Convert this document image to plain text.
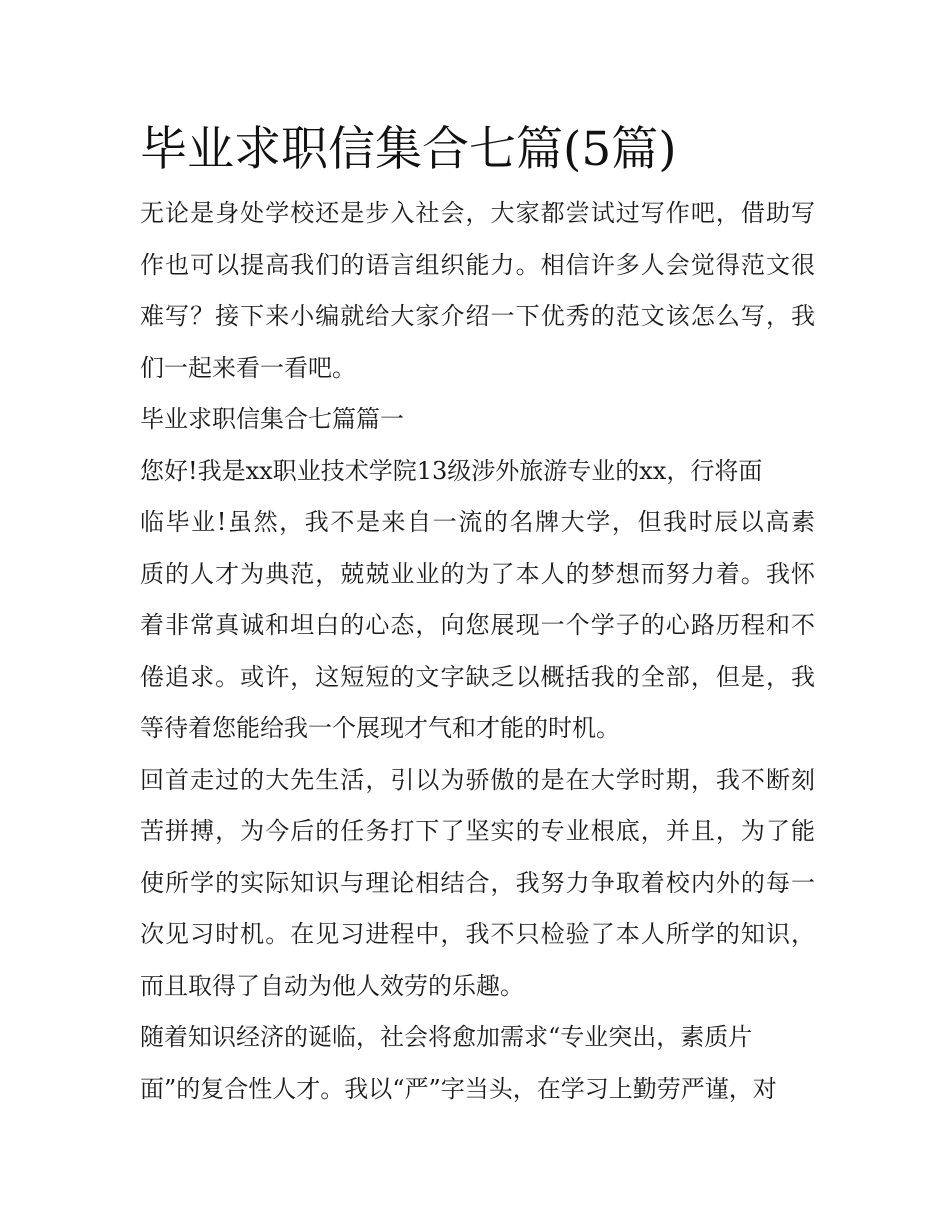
毕业求职信集合七篇(5篇)
无论是身处学校还是步入社会，大家都尝试过写作吧，借助写
作也可以提高我们的语言组织能力。相信许多人会觉得范文很
难写？接下来小编就给大家介绍一下优秀的范文该怎么写，我
们一起来看一看吧。
毕业求职信集合七篇篇一
您好!我是xx职业技术学院13级涉外旅游专业的xx，行将面
临毕业!虽然，我不是来自一流的名牌大学，但我时辰以高素
质的人才为典范，兢兢业业的为了本人的梦想而努力着。我怀
着非常真诚和坦白的心态，向您展现一个学子的心路历程和不
倦追求。或许，这短短的文字缺乏以概括我的全部，但是，我
等待着您能给我一个展现才气和才能的时机。
回首走过的大先生活，引以为骄傲的是在大学时期，我不断刻
苦拼搏，为今后的任务打下了坚实的专业根底，并且，为了能
使所学的实际知识与理论相结合，我努力争取着校内外的每一
次见习时机。在见习进程中，我不只检验了本人所学的知识，
而且取得了自动为他人效劳的乐趣。
随着知识经济的诞临，社会将愈加需求“专业突出，素质片
面”的复合性人才。我以“严”字当头，在学习上勤劳严谨，对
